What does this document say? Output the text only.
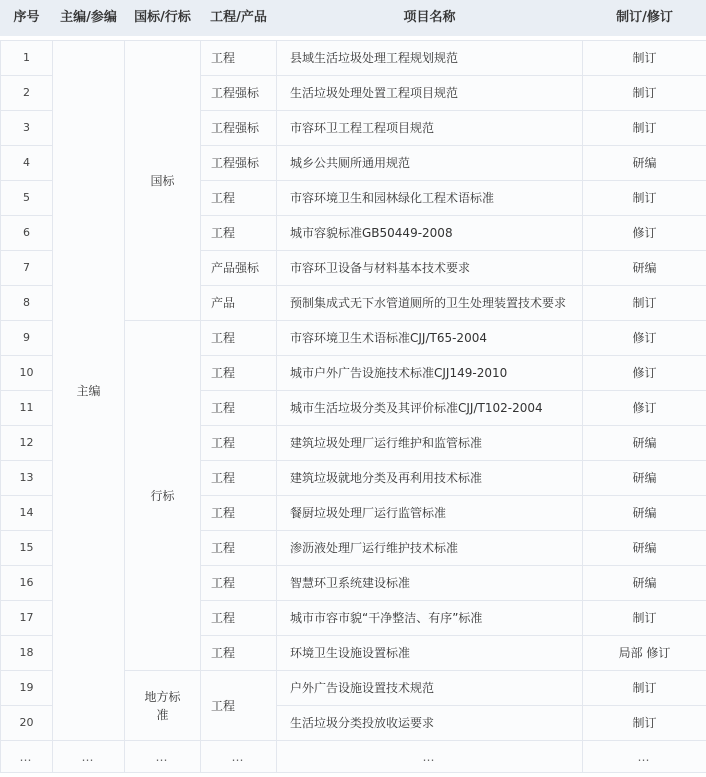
序号	主编/参编	国标/行标	工程/产品	项目名称	制订/修订

1	主编	国标	工程	县域生活垃圾处理工程规划规范	制订
2			工程强标	生活垃圾处理处置工程项目规范	制订
3			工程强标	市容环卫工程工程项目规范	制订
4			工程强标	城乡公共厕所通用规范	研编
5			工程	市容环境卫生和园林绿化工程术语标准	制订
6			工程	城市容貌标准GB50449-2008	修订
7			产品强标	市容环卫设备与材料基本技术要求	研编
8			产品	预制集成式无下水管道厕所的卫生处理装置技术要求	制订
9		行标	工程	市容环境卫生术语标准CJJ/T65-2004	修订
10			工程	城市户外广告设施技术标准CJJ149-2010	修订
11			工程	城市生活垃圾分类及其评价标准CJJ/T102-2004	修订
12			工程	建筑垃圾处理厂运行维护和监管标准	研编
13			工程	建筑垃圾就地分类及再利用技术标准	研编
14			工程	餐厨垃圾处理厂运行监管标准	研编
15			工程	渗沥液处理厂运行维护技术标准	研编
16			工程	智慧环卫系统建设标准	研编
17			工程	城市市容市貌“干净整洁、有序”标准	制订
18			工程	环境卫生设施设置标准	局部 修订
19		地方标准	工程	户外广告设施设置技术规范	制订
20				生活垃圾分类投放收运要求	制订
…	…	…	…	…	…
